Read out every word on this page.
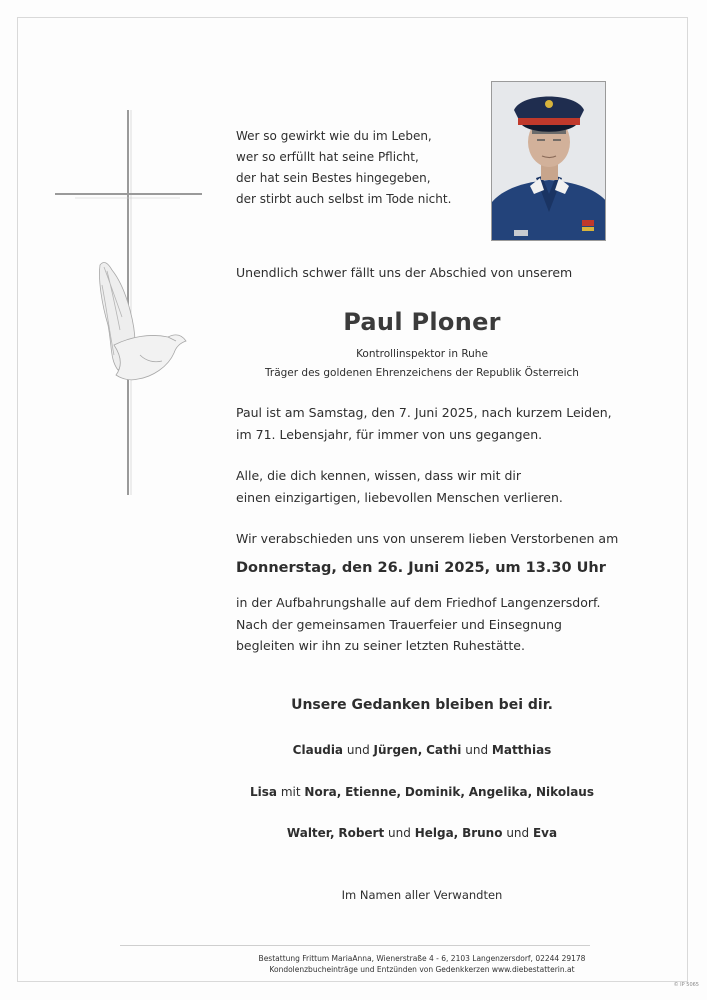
Wer so gewirkt wie du im Leben,
wer so erfüllt hat seine Pflicht,
der hat sein Bestes hingegeben,
der stirbt auch selbst im Tode nicht.
Unendlich schwer fällt uns der Abschied von unserem
Paul Ploner
Kontrollinspektor in Ruhe
Träger des goldenen Ehrenzeichens der Republik Österreich
Paul ist am Samstag, den 7. Juni 2025, nach kurzem Leiden,
im 71. Lebensjahr, für immer von uns gegangen.
Alle, die dich kennen, wissen, dass wir mit dir
einen einzigartigen, liebevollen Menschen verlieren.
Wir verabschieden uns von unserem lieben Verstorbenen am
Donnerstag, den 26. Juni 2025, um 13.30 Uhr
in der Aufbahrungshalle auf dem Friedhof Langenzersdorf.
Nach der gemeinsamen Trauerfeier und Einsegnung
begleiten wir ihn zu seiner letzten Ruhestätte.
Unsere Gedanken bleiben bei dir.
Claudia und Jürgen, Cathi und Matthias
Lisa mit Nora, Etienne, Dominik, Angelika, Nikolaus
Walter, Robert und Helga, Bruno und Eva
Im Namen aller Verwandten
Bestattung Frittum MariaAnna, Wienerstraße 4 - 6, 2103 Langenzersdorf, 02244 29178
Kondolenzbucheinträge und Entzünden von Gedenkkerzen www.diebestatterin.at
© IP 5065
